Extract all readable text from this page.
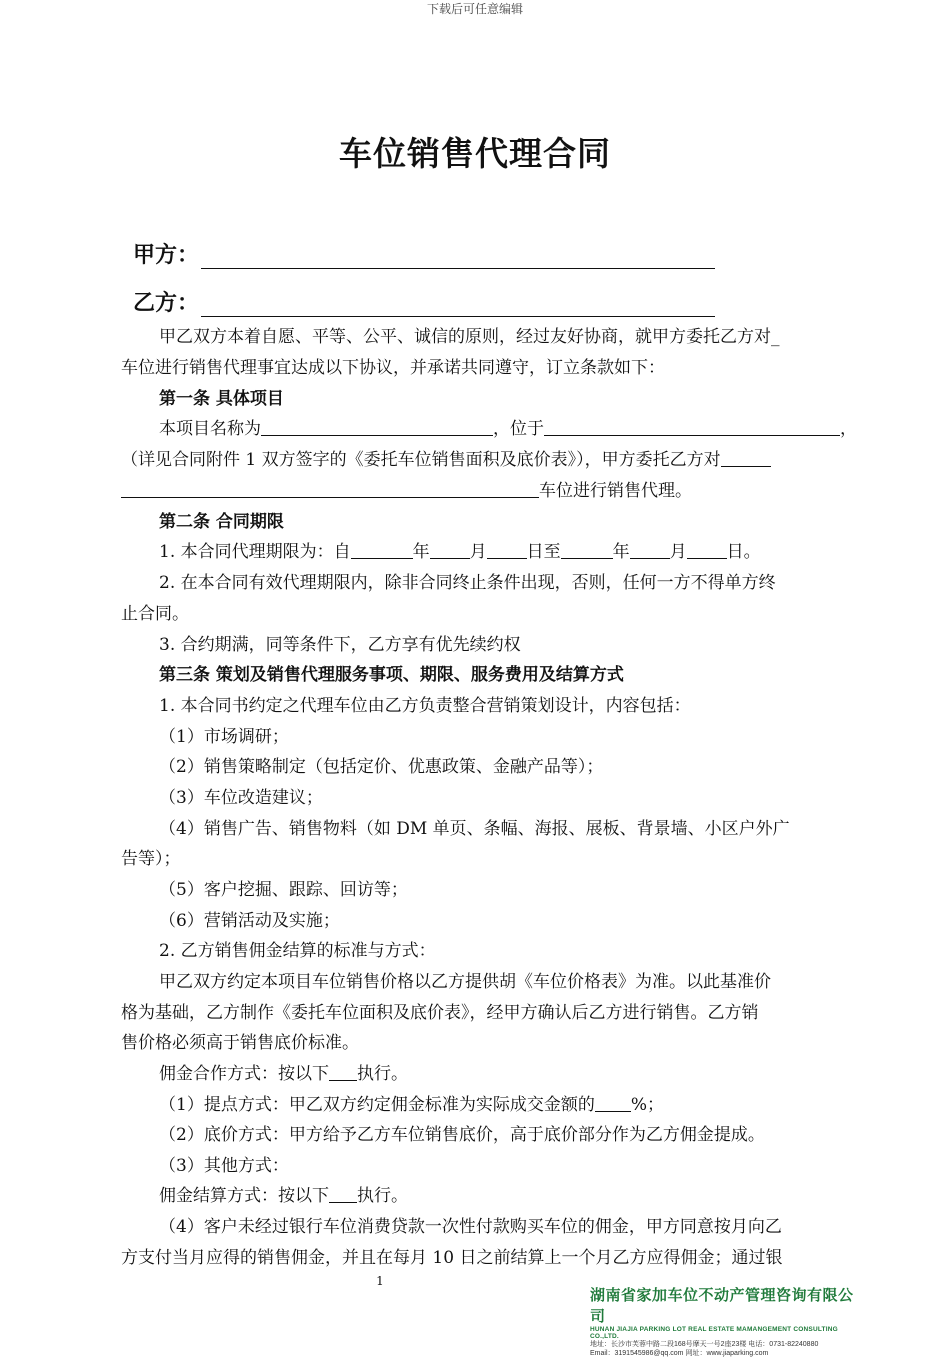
下载后可任意编辑
车位销售代理合同
甲方：
乙方：
甲乙双方本着自愿、平等、公平、诚信的原则，经过友好协商，就甲方委托乙方对_
车位进行销售代理事宜达成以下协议，并承诺共同遵守，订立条款如下：
第一条 具体项目
本项目名称为	，位于	，
（详见合同附件 1 双方签字的《委托车位销售面积及底价表》），甲方委托乙方对
车位进行销售代理。
第二条 合同期限
1. 本合同代理期限为：自	年 月 日至	年 月 日。
2. 在本合同有效代理期限内，除非合同终止条件出现，否则，任何一方不得单方终
止合同。
3. 合约期满，同等条件下，乙方享有优先续约权
第三条 策划及销售代理服务事项、期限、服务费用及结算方式
1. 本合同书约定之代理车位由乙方负责整合营销策划设计，内容包括：
（1）市场调研；
（2）销售策略制定（包括定价、优惠政策、金融产品等）；
（3）车位改造建议；
（4）销售广告、销售物料（如 DM 单页、条幅、海报、展板、背景墙、小区户外广
告等）；
（5）客户挖掘、跟踪、回访等；
（6）营销活动及实施；
2. 乙方销售佣金结算的标准与方式：
甲乙双方约定本项目车位销售价格以乙方提供胡《车位价格表》为准。以此基准价
格为基础，乙方制作《委托车位面积及底价表》，经甲方确认后乙方进行销售。乙方销
售价格必须高于销售底价标准。
佣金合作方式：按以下 执行。
（1）提点方式：甲乙双方约定佣金标准为实际成交金额的 %；
（2）底价方式：甲方给予乙方车位销售底价，高于底价部分作为乙方佣金提成。
（3）其他方式：
佣金结算方式：按以下 执行。
（4）客户未经过银行车位消费贷款一次性付款购买车位的佣金，甲方同意按月向乙
方支付当月应得的销售佣金，并且在每月 10 日之前结算上一个月乙方应得佣金；通过银
1
湖南省家加车位不动产管理咨询有限公司
HUNAN JIAJIA PARKING LOT REAL ESTATE MAMANGEMENT CONSULTING CO.,LTD.
地址：长沙市芙蓉中路二段168号摩天一号2座23楼 电话：0731-82240880
Email：3191545986@qq.com 网址：www.jiaparking.com
